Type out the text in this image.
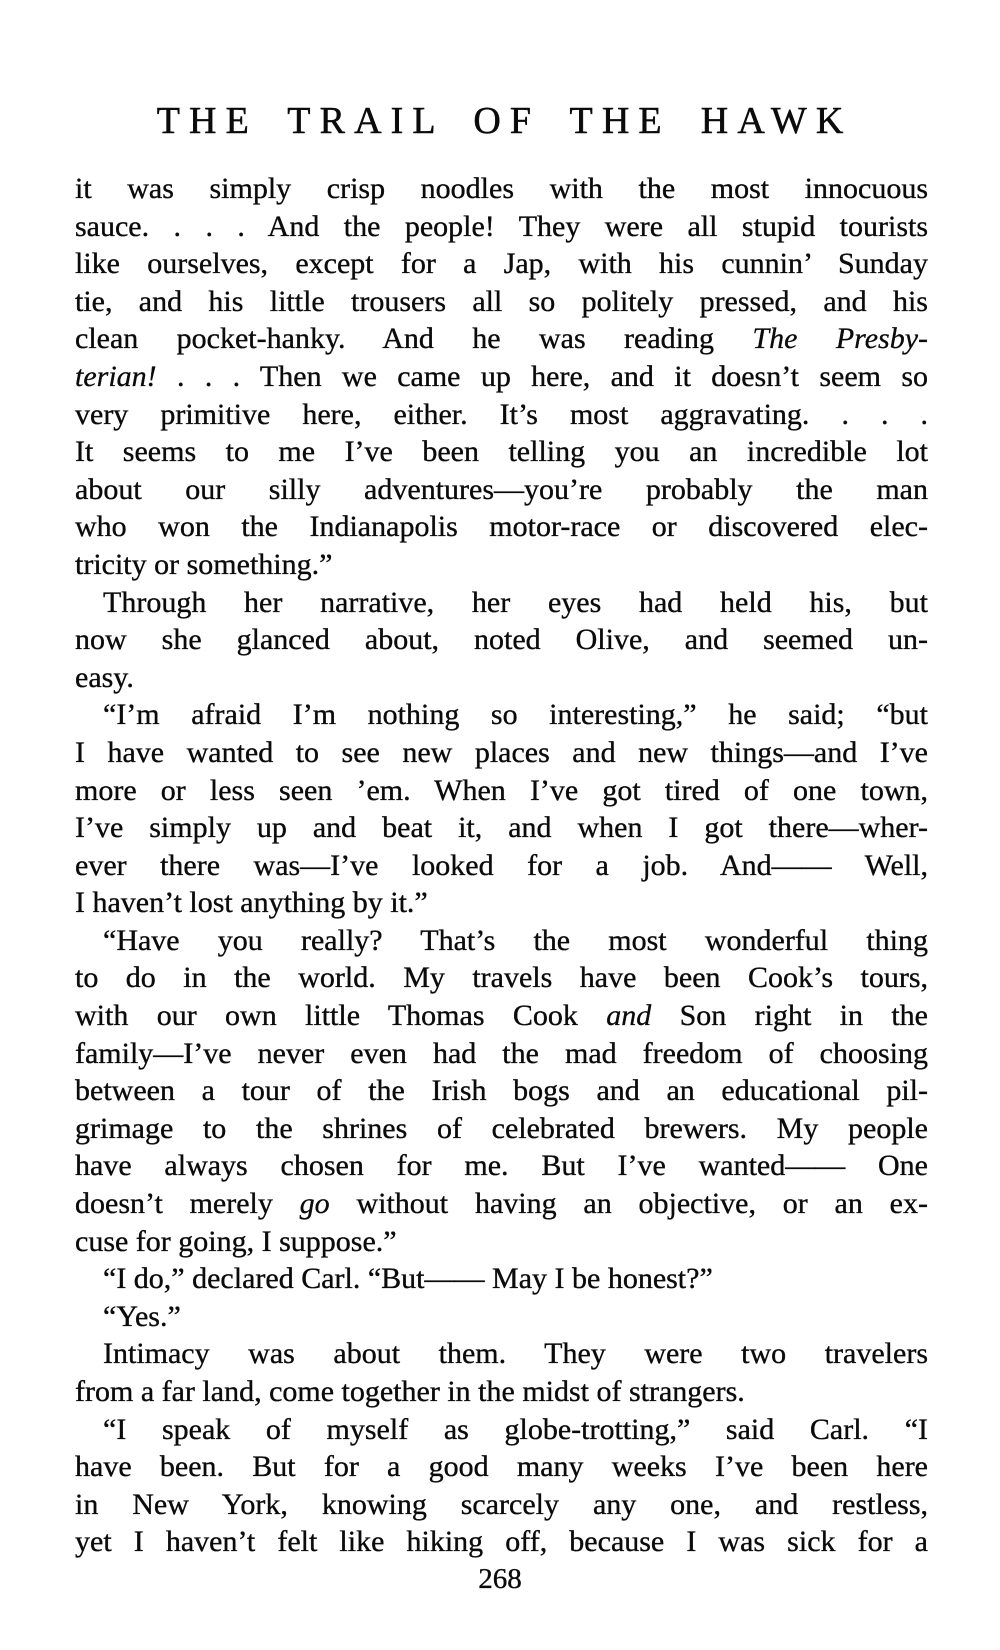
THE TRAIL OF THE HAWK
it was simply crisp noodles with the most innocuous
sauce. . . . And the people! They were all stupid tourists
like ourselves, except for a Jap, with his cunnin’ Sunday
tie, and his little trousers all so politely pressed, and his
clean pocket-hanky. And he was reading The Presby-
terian! . . . Then we came up here, and it doesn’t seem so
very primitive here, either. It’s most aggravating. . . .
It seems to me I’ve been telling you an incredible lot
about our silly adventures—you’re probably the man
who won the Indianapolis motor-race or discovered elec-
tricity or something.”
Through her narrative, her eyes had held his, but
now she glanced about, noted Olive, and seemed un-
easy.
“I’m afraid I’m nothing so interesting,” he said; “but
I have wanted to see new places and new things—and I’ve
more or less seen ’em. When I’ve got tired of one town,
I’ve simply up and beat it, and when I got there—wher-
ever there was—I’ve looked for a job. And—— Well,
I haven’t lost anything by it.”
“Have you really? That’s the most wonderful thing
to do in the world. My travels have been Cook’s tours,
with our own little Thomas Cook and Son right in the
family—I’ve never even had the mad freedom of choosing
between a tour of the Irish bogs and an educational pil-
grimage to the shrines of celebrated brewers. My people
have always chosen for me. But I’ve wanted—— One
doesn’t merely go without having an objective, or an ex-
cuse for going, I suppose.”
“I do,” declared Carl. “But—— May I be honest?”
“Yes.”
Intimacy was about them. They were two travelers
from a far land, come together in the midst of strangers.
“I speak of myself as globe-trotting,” said Carl. “I
have been. But for a good many weeks I’ve been here
in New York, knowing scarcely any one, and restless,
yet I haven’t felt like hiking off, because I was sick for a
268
